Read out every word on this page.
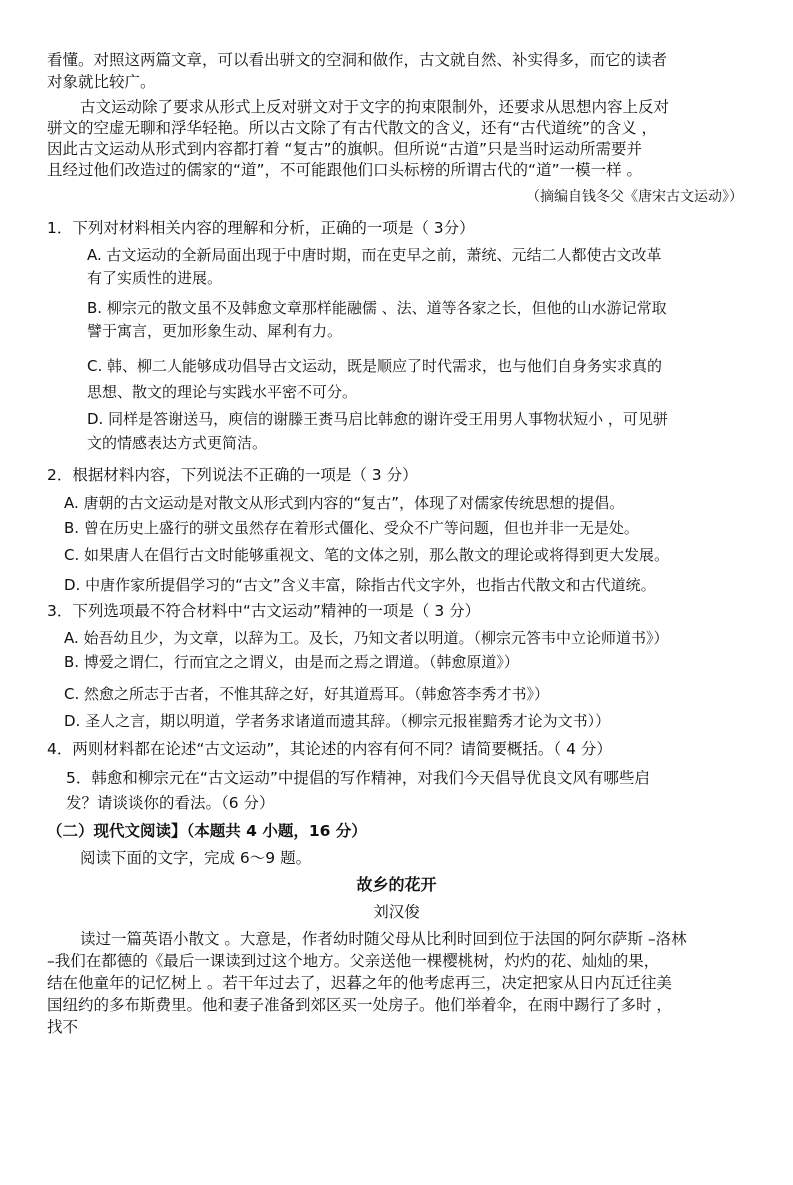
看懂。对照这两篇文章，可以看出骈文的空洞和做作，古文就自然、补实得多，而它的读者
对象就比较广。
古文运动除了要求从形式上反对骈文对于文字的拘束限制外，还要求从思想内容上反对
骈文的空虚无聊和浮华轻艳。所以古文除了有古代散文的含义，还有“古代道统”的含义 ，
因此古文运动从形式到内容都打着 “复古”的旗帜。但所说“古道”只是当时运动所需要并
且经过他们改造过的儒家的“道”，不可能跟他们口头标榜的所谓古代的“道”一模一样 。
（摘编自钱冬父《唐宋古文运动》）
1．下列对材料相关内容的理解和分析，正确的一项是（ 3分）
A. 古文运动的全新局面出现于中唐时期，而在吏早之前，萧统、元结二人都使古文改革
有了实质性的进展。
B. 柳宗元的散文虽不及韩愈文章那样能融儒 、法、道等各家之长，但他的山水游记常取
譬于寓言，更加形象生动、犀利有力。
C. 韩、柳二人能够成功倡导古文运动，既是顺应了时代需求，也与他们自身务实求真的
思想、散文的理论与实践水平密不可分。
D. 同样是答谢送马，庾信的谢滕王赉马启比韩愈的谢许受王用男人事物状短小 ，可见骈
文的情感表达方式更简洁。
2．根据材料内容，下列说法不正确的一项是（ 3 分）
A. 唐朝的古文运动是对散文从形式到内容的“复古”，体现了对儒家传统思想的提倡。
B. 曾在历史上盛行的骈文虽然存在着形式僵化、受众不广等问题，但也并非一无是处。
C. 如果唐人在倡行古文时能够重视文、笔的文体之别，那么散文的理论或将得到更大发展。
D. 中唐作家所提倡学习的“古文”含义丰富，除指古代文字外，也指古代散文和古代道统。
3．下列选项最不符合材料中“古文运动”精神的一项是（ 3 分）
A. 始吾幼且少，为文章，以辞为工。及长，乃知文者以明道。（柳宗元答韦中立论师道书》）
B. 博爱之谓仁，行而宜之之谓义，由是而之焉之谓道。（韩愈原道》）
C. 然愈之所志于古者，不惟其辞之好，好其道焉耳。（韩愈答李秀才书》）
D. 圣人之言，期以明道，学者务求诸道而遗其辞。（柳宗元报崔黯秀才论为文书））
4．两则材料都在论述“古文运动”，其论述的内容有何不同？请简要概括。（ 4 分）
5．韩愈和柳宗元在“古文运动”中提倡的写作精神，对我们今天倡导优良文风有哪些启
发？请谈谈你的看法。（6 分）
（二）现代文阅读】（本题共 4 小题，16 分）
阅读下面的文字，完成 6～9 题。
故乡的花开
刘汉俊
读过一篇英语小散文 。大意是，作者幼时随父母从比利时回到位于法国的阿尔萨斯 –洛林
–我们在都德的《最后一课读到过这个地方。父亲送他一棵樱桃树，灼灼的花、灿灿的果，
结在他童年的记忆树上 。若干年过去了，迟暮之年的他考虑再三，决定把家从日内瓦迁往美
国纽约的多布斯费里。他和妻子准备到郊区买一处房子。他们举着伞，在雨中踢行了多时 ，
找不
